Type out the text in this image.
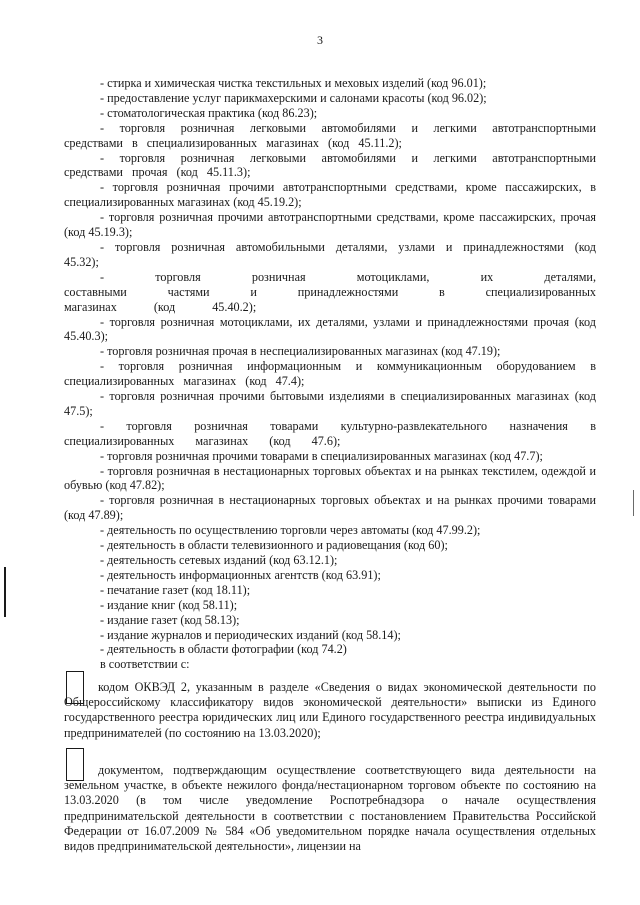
3

- стирка и химическая чистка текстильных и меховых изделий (код 96.01);

- предоставление услуг парикмахерскими и салонами красоты (код 96.02);

- стоматологическая практика (код 86.23);

- торговля розничная легковыми автомобилями и легкими автотранспортными средствами в специализированных магазинах (код 45.11.2);

- торговля розничная легковыми автомобилями и легкими автотранспортными средствами прочая (код 45.11.3);

- торговля розничная прочими автотранспортными средствами, кроме пассажирских, в специализированных магазинах (код 45.19.2);

- торговля розничная прочими автотранспортными средствами, кроме пассажирских, прочая (код 45.19.3);

- торговля розничная автомобильными деталями, узлами и принадлежностями (код 45.32);

- торговля розничная мотоциклами, их деталями, составными частями и принадлежностями в специализированных магазинах (код 45.40.2);

- торговля розничная мотоциклами, их деталями, узлами и принадлежностями прочая (код 45.40.3);

- торговля розничная прочая в неспециализированных магазинах (код 47.19);

- торговля розничная информационным и коммуникационным оборудованием в специализированных магазинах (код 47.4);

- торговля розничная прочими бытовыми изделиями в специализированных магазинах (код 47.5);

- торговля розничная товарами культурно-развлекательного назначения в специализированных магазинах (код 47.6);

- торговля розничная прочими товарами в специализированных магазинах (код 47.7);

- торговля розничная в нестационарных торговых объектах и на рынках текстилем, одеждой и обувью (код 47.82);

- торговля розничная в нестационарных торговых объектах и на рынках прочими товарами (код 47.89);

- деятельность по осуществлению торговли через автоматы (код 47.99.2);

- деятельность в области телевизионного и радиовещания (код 60);

- деятельность сетевых изданий (код 63.12.1);

- деятельность информационных агентств (код 63.91);

- печатание газет (код 18.11);

- издание книг (код 58.11);

- издание газет (код 58.13);

- издание журналов и периодических изданий (код 58.14);

- деятельность в области фотографии (код 74.2)

в соответствии с:

кодом ОКВЭД 2, указанным в разделе «Сведения о видах экономической деятельности по Общероссийскому классификатору видов экономической деятельности» выписки из Единого государственного реестра юридических лиц или Единого государственного реестра индивидуальных предпринимателей (по состоянию на 13.03.2020);

документом, подтверждающим осуществление соответствующего вида деятельности на земельном участке, в объекте нежилого фонда/нестационарном торговом объекте по состоянию на 13.03.2020 (в том числе уведомление Роспотребнадзора о начале осуществления предпринимательской деятельности в соответствии с постановлением Правительства Российской Федерации от 16.07.2009 № 584 «Об уведомительном порядке начала осуществления отдельных видов предпринимательской деятельности», лицензии на
